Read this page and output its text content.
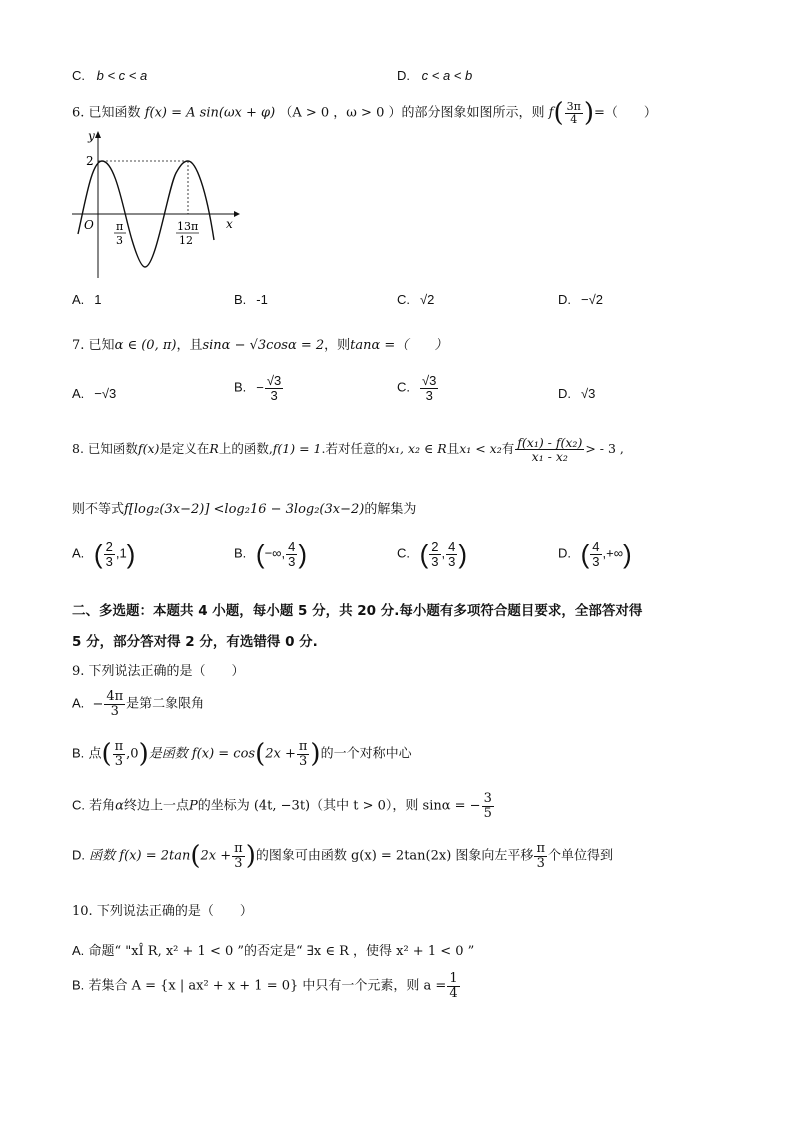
C. b < c < a	D. c < a < b
6. 已知函数 f(x) = A sin(ωx + φ) （A > 0 ，ω > 0 ）的部分图象如图所示，则 $f( \frac{3\pi}{4}$ )=（　　）
y
x
O
2
π
3
13π
12
A. 1	B. -1	C. √2	D. −√2
7. 已知α ∈ (0, π)，且sinα − √3cosα = 2，则tanα =（　　）
A. −√3	B. − $\frac{√3}{3}$	C. $\frac{√3}{3}$	D. √3
8. 已知函数f(x)是定义在R上的函数,f(1) = 1.若对任意的x₁, x₂ ∈ R且x₁ < x₂有 $\frac{\text{f(x₁) - f(x₂)}}{\text{x₁ - x₂}}$ > - 3 ,
则不等式f[log₂(3x−2)] <log₂16 − 3log₂(3x−2)的解集为
A. ( $\frac{2}{3} ,1$)	B. (−∞, $\frac{4}{3}$ )	C. ( $\frac{2}{3}$ , $\frac{4}{3}$ )	D. ( $\frac{4}{3}$ ,+∞)
二、多选题：本题共 4 小题，每小题 5 分，共 20 分.每小题有多项符合题目要求，全部答对得
5 分，部分答对得 2 分，有选错得 0 分.
9. 下列说法正确的是（　　）
A. − $\frac{4\pi}{3}$ 是第二象限角
B. 点( $\frac{\pi}{3} ,0$)是函数 $f(x) = \cos(2x + \frac{\pi}{3}$ )的一个对称中心
C. 若角α终边上一点P的坐标为 (4t, −3t)（其中 t > 0），则 sinα = − $\frac{3}{5}$
D. 函数 $f(x) = 2\tan(2x + \frac{\pi}{3}$ )的图象可由函数 g(x) = 2tan(2x) 图象向左平移 $\frac{\pi}{3}$ 个单位得到
10. 下列说法正确的是（　　）
A. 命题“ "xÎ R, x² + 1 < 0 ”的否定是“ ∃x ∈ R ，使得 x² + 1 < 0 ”
B. 若集合 A = {x | ax² + x + 1 = 0} 中只有一个元素，则 $a = \frac{1}{4}$
